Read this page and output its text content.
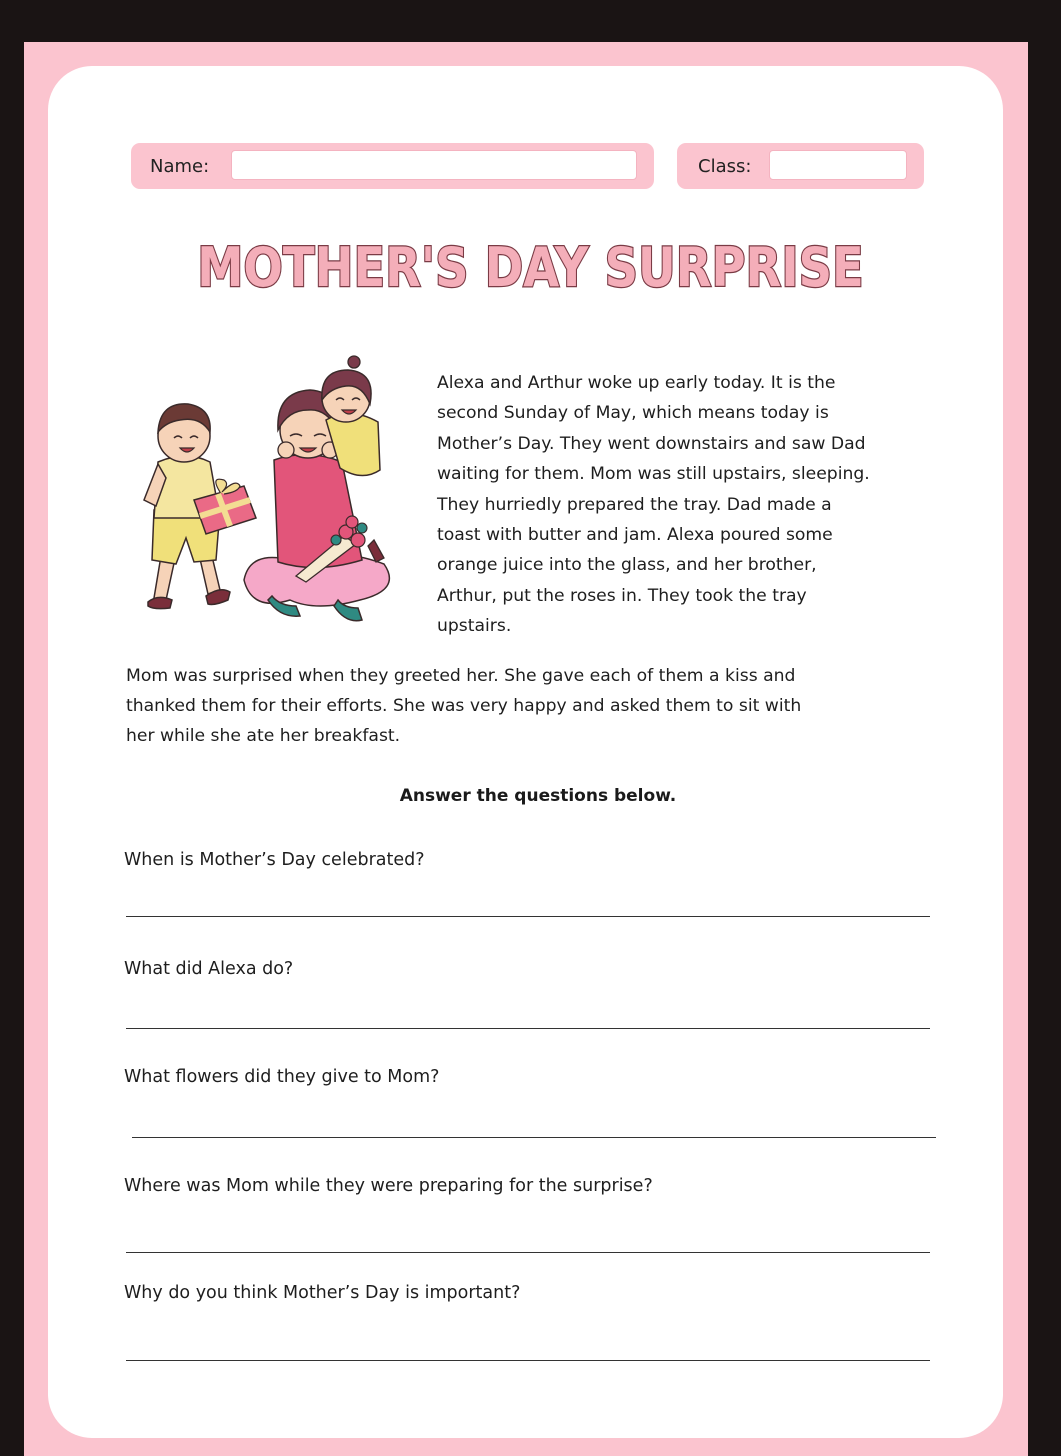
Name:	Class:
MOTHER'S DAY SURPRISE
Alexa and Arthur woke up early today. It is the
second Sunday of May, which means today is
Mother’s Day. They went downstairs and saw Dad
waiting for them. Mom was still upstairs, sleeping.
They hurriedly prepared the tray. Dad made a
toast with butter and jam. Alexa poured some
orange juice into the glass, and her brother,
Arthur, put the roses in. They took the tray
upstairs.
Mom was surprised when they greeted her. She gave each of them a kiss and
thanked them for their efforts. She was very happy and asked them to sit with
her while she ate her breakfast.
Answer the questions below.
When is Mother’s Day celebrated?
What did Alexa do?
What flowers did they give to Mom?
Where was Mom while they were preparing for the surprise?
Why do you think Mother’s Day is important?
